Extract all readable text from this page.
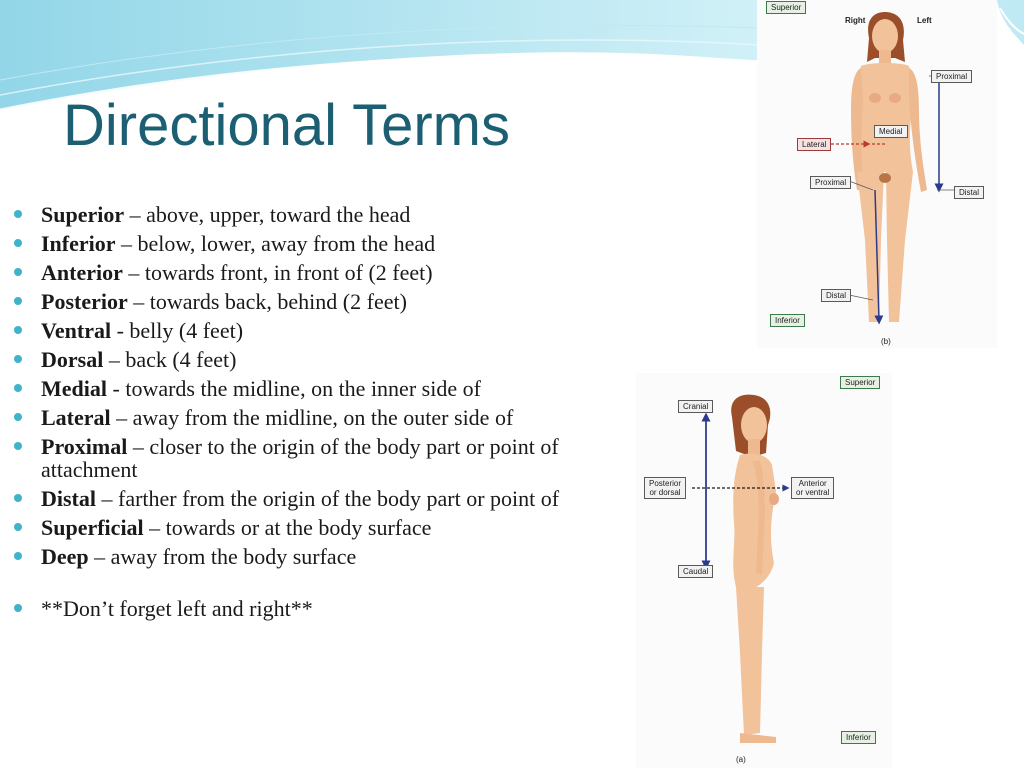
Directional Terms
Superior – above, upper, toward the head
Inferior – below, lower, away from the head
Anterior – towards front, in front of (2 feet)
Posterior – towards back, behind (2 feet)
Ventral - belly (4 feet)
Dorsal – back (4 feet)
Medial - towards the midline, on the inner side of
Lateral – away from the midline, on the outer side of
Proximal – closer to the origin of the body part or point of attachment
Distal – farther from the origin of the body part or point of
Superficial – towards or at the body surface
Deep – away from the body surface
**Don’t forget left and right**
Superior
Right	Left
Proximal
Medial
Lateral
Proximal
Distal
Distal
Inferior
(b)
Superior
Cranial
Posterior
or dorsal
Anterior
or ventral
Caudal
Inferior
(a)
